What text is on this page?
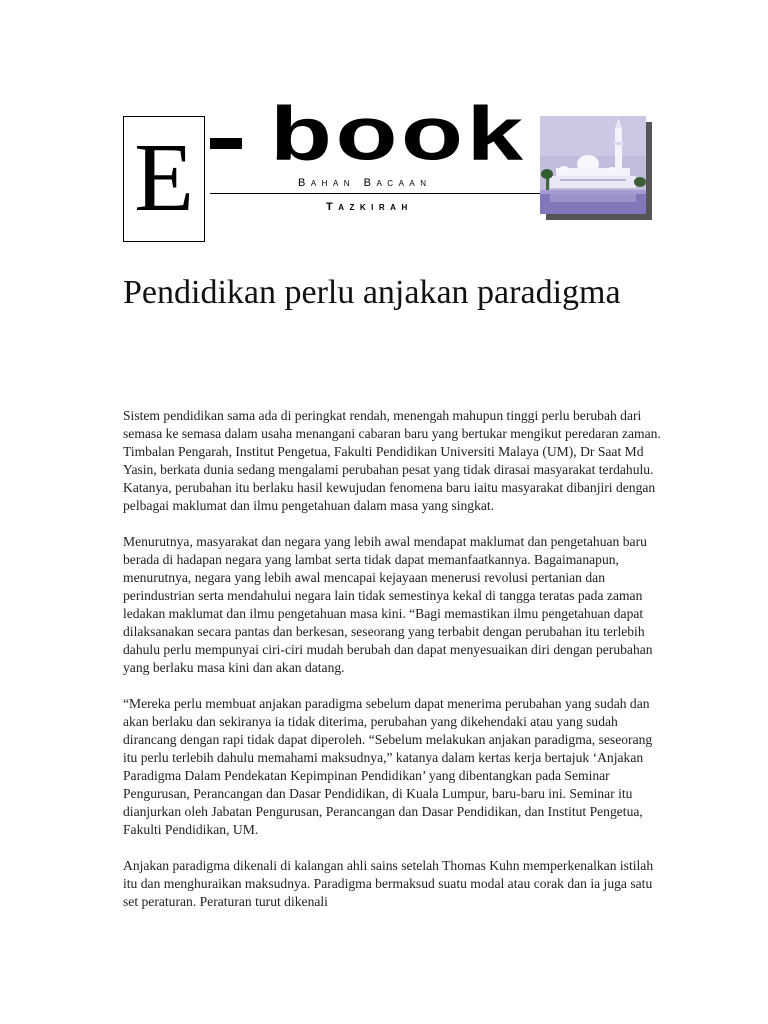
E book
Bahan Bacaan
Tazkirah
Pendidikan perlu anjakan paradigma

Sistem pendidikan sama ada di peringkat rendah, menengah mahupun tinggi perlu berubah dari semasa ke semasa dalam usaha menangani cabaran baru yang bertukar mengikut peredaran zaman. Timbalan Pengarah, Institut Pengetua, Fakulti Pendidikan Universiti Malaya (UM), Dr Saat Md Yasin, berkata dunia sedang mengalami perubahan pesat yang tidak dirasai masyarakat terdahulu. Katanya, perubahan itu berlaku hasil kewujudan fenomena baru iaitu masyarakat dibanjiri dengan pelbagai maklumat dan ilmu pengetahuan dalam masa yang singkat.

Menurutnya, masyarakat dan negara yang lebih awal mendapat maklumat dan pengetahuan baru berada di hadapan negara yang lambat serta tidak dapat memanfaatkannya. Bagaimanapun, menurutnya, negara yang lebih awal mencapai kejayaan menerusi revolusi pertanian dan perindustrian serta mendahului negara lain tidak semestinya kekal di tangga teratas pada zaman ledakan maklumat dan ilmu pengetahuan masa kini. “Bagi memastikan ilmu pengetahuan dapat dilaksanakan secara pantas dan berkesan, seseorang yang terbabit dengan perubahan itu terlebih dahulu perlu mempunyai ciri-ciri mudah berubah dan dapat menyesuaikan diri dengan perubahan yang berlaku masa kini dan akan datang.

“Mereka perlu membuat anjakan paradigma sebelum dapat menerima perubahan yang sudah dan akan berlaku dan sekiranya ia tidak diterima, perubahan yang dikehendaki atau yang sudah dirancang dengan rapi tidak dapat diperoleh. “Sebelum melakukan anjakan paradigma, seseorang itu perlu terlebih dahulu memahami maksudnya,” katanya dalam kertas kerja bertajuk ‘Anjakan Paradigma Dalam Pendekatan Kepimpinan Pendidikan’ yang dibentangkan pada Seminar Pengurusan, Perancangan dan Dasar Pendidikan, di Kuala Lumpur, baru-baru ini. Seminar itu dianjurkan oleh Jabatan Pengurusan, Perancangan dan Dasar Pendidikan, dan Institut Pengetua, Fakulti Pendidikan, UM.

Anjakan paradigma dikenali di kalangan ahli sains setelah Thomas Kuhn memperkenalkan istilah itu dan menghuraikan maksudnya. Paradigma bermaksud suatu modal atau corak dan ia juga satu set peraturan. Peraturan turut dikenali
